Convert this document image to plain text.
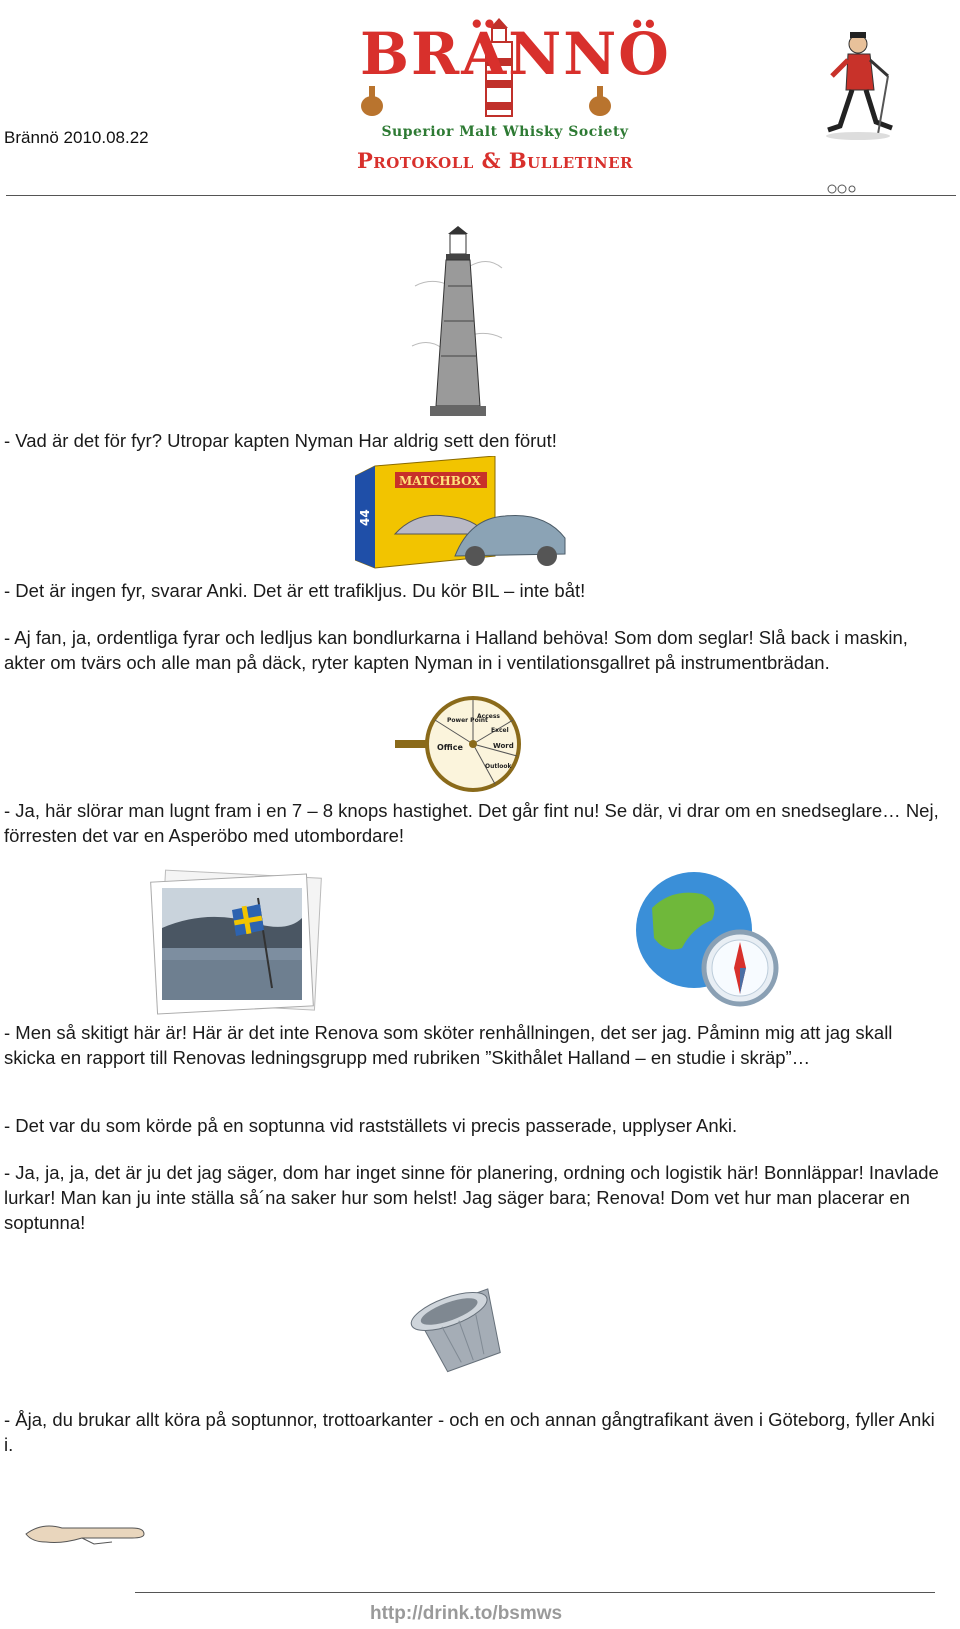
Brännö 2010.08.22
BRÄNNÖ
Superior Malt Whisky Society
Protokoll & Bulletiner
- Vad är det för fyr? Utropar kapten Nyman Har aldrig sett den förut!
44
MATCHBOX
- Det är ingen fyr, svarar Anki. Det är ett trafikljus. Du kör BIL – inte båt!
- Aj fan, ja, ordentliga fyrar och ledljus kan bondlurkarna i Halland behöva! Som dom seglar! Slå back i maskin, akter om tvärs och alle man på däck, ryter kapten Nyman in i ventilationsgallret på instrumentbrädan.
Office
Power Point
Access
Excel
Word
Outlook
- Ja, här slörar man lugnt fram i en 7 – 8 knops hastighet. Det går fint nu! Se där, vi drar om en snedseglare… Nej, förresten det var en Asperöbo med utombordare!
- Men så skitigt här är! Här är det inte Renova som sköter renhållningen, det ser jag. Påminn mig att jag skall skicka en rapport till Renovas ledningsgrupp med rubriken ”Skithålet Halland – en studie i skräp”…
- Det var du som körde på en soptunna vid rastställets vi precis passerade, upplyser Anki.
- Ja, ja, ja, det är ju det jag säger, dom har inget sinne för planering, ordning och logistik här! Bonnläppar! Inavlade lurkar! Man kan ju inte ställa så´na saker hur som helst! Jag säger bara; Renova! Dom vet hur man placerar en soptunna!
- Åja, du brukar allt köra på soptunnor, trottoarkanter - och en och annan gångtrafikant även i Göteborg, fyller Anki i.
http://drink.to/bsmws
